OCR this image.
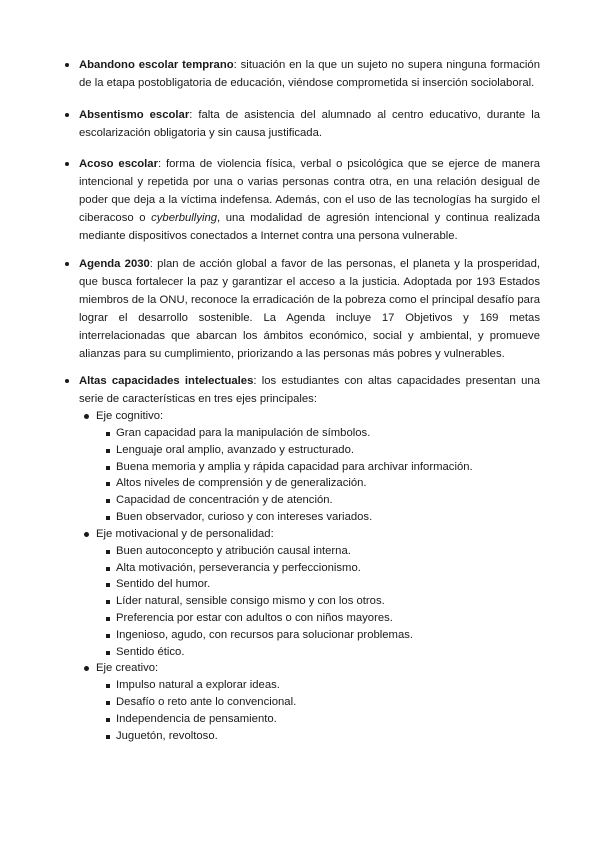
Abandono escolar temprano: situación en la que un sujeto no supera ninguna formación de la etapa postobligatoria de educación, viéndose comprometida si inserción sociolaboral.
Absentismo escolar: falta de asistencia del alumnado al centro educativo, durante la escolarización obligatoria y sin causa justificada.
Acoso escolar: forma de violencia física, verbal o psicológica que se ejerce de manera intencional y repetida por una o varias personas contra otra, en una relación desigual de poder que deja a la víctima indefensa. Además, con el uso de las tecnologías ha surgido el ciberacoso o cyberbullying, una modalidad de agresión intencional y continua realizada mediante dispositivos conectados a Internet contra una persona vulnerable.
Agenda 2030: plan de acción global a favor de las personas, el planeta y la prosperidad, que busca fortalecer la paz y garantizar el acceso a la justicia. Adoptada por 193 Estados miembros de la ONU, reconoce la erradicación de la pobreza como el principal desafío para lograr el desarrollo sostenible. La Agenda incluye 17 Objetivos y 169 metas interrelacionadas que abarcan los ámbitos económico, social y ambiental, y promueve alianzas para su cumplimiento, priorizando a las personas más pobres y vulnerables.
Altas capacidades intelectuales: los estudiantes con altas capacidades presentan una serie de características en tres ejes principales:
Eje cognitivo:
Gran capacidad para la manipulación de símbolos.
Lenguaje oral amplio, avanzado y estructurado.
Buena memoria y amplia y rápida capacidad para archivar información.
Altos niveles de comprensión y de generalización.
Capacidad de concentración y de atención.
Buen observador, curioso y con intereses variados.
Eje motivacional y de personalidad:
Buen autoconcepto y atribución causal interna.
Alta motivación, perseverancia y perfeccionismo.
Sentido del humor.
Líder natural, sensible consigo mismo y con los otros.
Preferencia por estar con adultos o con niños mayores.
Ingenioso, agudo, con recursos para solucionar problemas.
Sentido ético.
Eje creativo:
Impulso natural a explorar ideas.
Desafío o reto ante lo convencional.
Independencia de pensamiento.
Juguetón, revoltoso.
